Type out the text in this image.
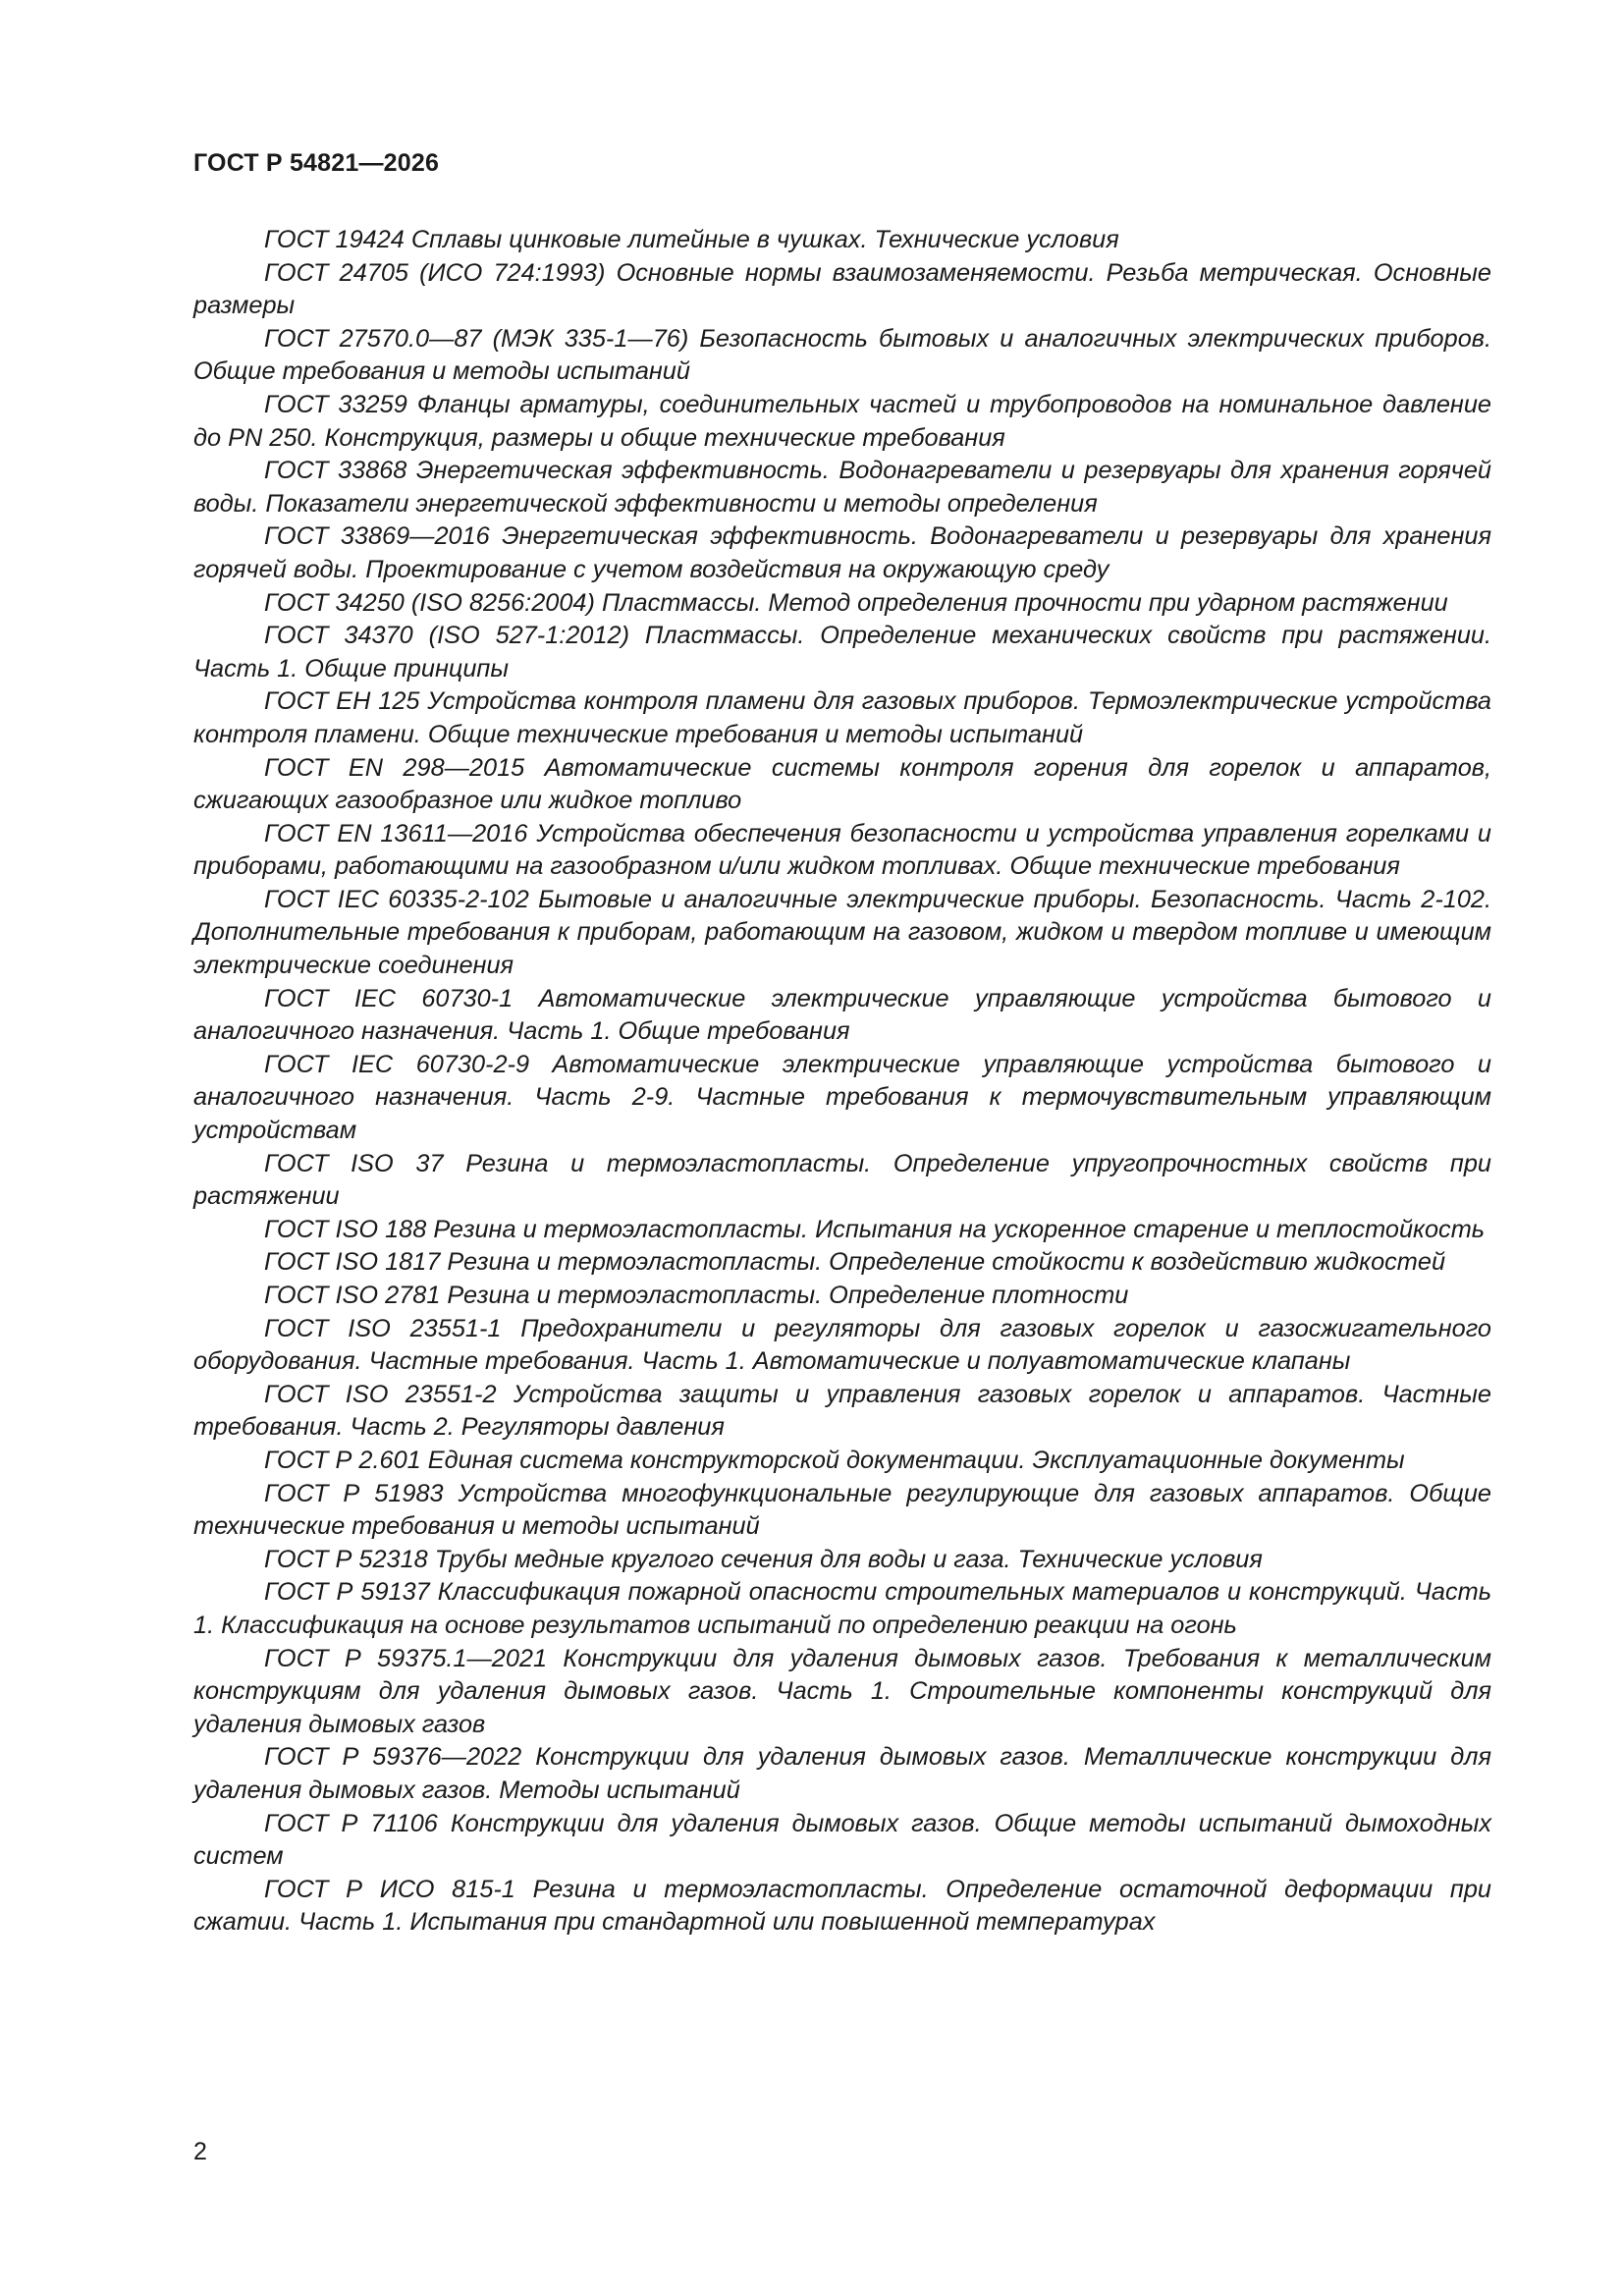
ГОСТ Р 54821—2026

ГОСТ 19424 Сплавы цинковые литейные в чушках. Технические условия

ГОСТ 24705 (ИСО 724:1993) Основные нормы взаимозаменяемости. Резьба метрическая. Основные размеры

ГОСТ 27570.0—87 (МЭК 335-1—76) Безопасность бытовых и аналогичных электрических приборов. Общие требования и методы испытаний

ГОСТ 33259 Фланцы арматуры, соединительных частей и трубопроводов на номинальное давление до PN 250. Конструкция, размеры и общие технические требования

ГОСТ 33868 Энергетическая эффективность. Водонагреватели и резервуары для хранения горячей воды. Показатели энергетической эффективности и методы определения

ГОСТ 33869—2016 Энергетическая эффективность. Водонагреватели и резервуары для хранения горячей воды. Проектирование с учетом воздействия на окружающую среду

ГОСТ 34250 (ISO 8256:2004) Пластмассы. Метод определения прочности при ударном растяжении

ГОСТ 34370 (ISO 527-1:2012) Пластмассы. Определение механических свойств при растяжении. Часть 1. Общие принципы

ГОСТ ЕН 125 Устройства контроля пламени для газовых приборов. Термоэлектрические устройства контроля пламени. Общие технические требования и методы испытаний

ГОСТ EN 298—2015 Автоматические системы контроля горения для горелок и аппаратов, сжигающих газообразное или жидкое топливо

ГОСТ EN 13611—2016 Устройства обеспечения безопасности и устройства управления горелками и приборами, работающими на газообразном и/или жидком топливах. Общие технические требования

ГОСТ IEC 60335-2-102 Бытовые и аналогичные электрические приборы. Безопасность. Часть 2-102. Дополнительные требования к приборам, работающим на газовом, жидком и твердом топливе и имеющим электрические соединения

ГОСТ IEC 60730-1 Автоматические электрические управляющие устройства бытового и аналогичного назначения. Часть 1. Общие требования

ГОСТ IEC 60730-2-9 Автоматические электрические управляющие устройства бытового и аналогичного назначения. Часть 2-9. Частные требования к термочувствительным управляющим устройствам

ГОСТ ISO 37 Резина и термоэластопласты. Определение упругопрочностных свойств при растяжении

ГОСТ ISO 188 Резина и термоэластопласты. Испытания на ускоренное старение и теплостойкость

ГОСТ ISO 1817 Резина и термоэластопласты. Определение стойкости к воздействию жидкостей

ГОСТ ISO 2781 Резина и термоэластопласты. Определение плотности

ГОСТ ISO 23551-1 Предохранители и регуляторы для газовых горелок и газосжигательного оборудования. Частные требования. Часть 1. Автоматические и полуавтоматические клапаны

ГОСТ ISO 23551-2 Устройства защиты и управления газовых горелок и аппаратов. Частные требования. Часть 2. Регуляторы давления

ГОСТ Р 2.601 Единая система конструкторской документации. Эксплуатационные документы

ГОСТ Р 51983 Устройства многофункциональные регулирующие для газовых аппаратов. Общие технические требования и методы испытаний

ГОСТ Р 52318 Трубы медные круглого сечения для воды и газа. Технические условия

ГОСТ Р 59137 Классификация пожарной опасности строительных материалов и конструкций. Часть 1. Классификация на основе результатов испытаний по определению реакции на огонь

ГОСТ Р 59375.1—2021 Конструкции для удаления дымовых газов. Требования к металлическим конструкциям для удаления дымовых газов. Часть 1. Строительные компоненты конструкций для удаления дымовых газов

ГОСТ Р 59376—2022 Конструкции для удаления дымовых газов. Металлические конструкции для удаления дымовых газов. Методы испытаний

ГОСТ Р 71106 Конструкции для удаления дымовых газов. Общие методы испытаний дымоходных систем

ГОСТ Р ИСО 815-1 Резина и термоэластопласты. Определение остаточной деформации при сжатии. Часть 1. Испытания при стандартной или повышенной температурах

2
